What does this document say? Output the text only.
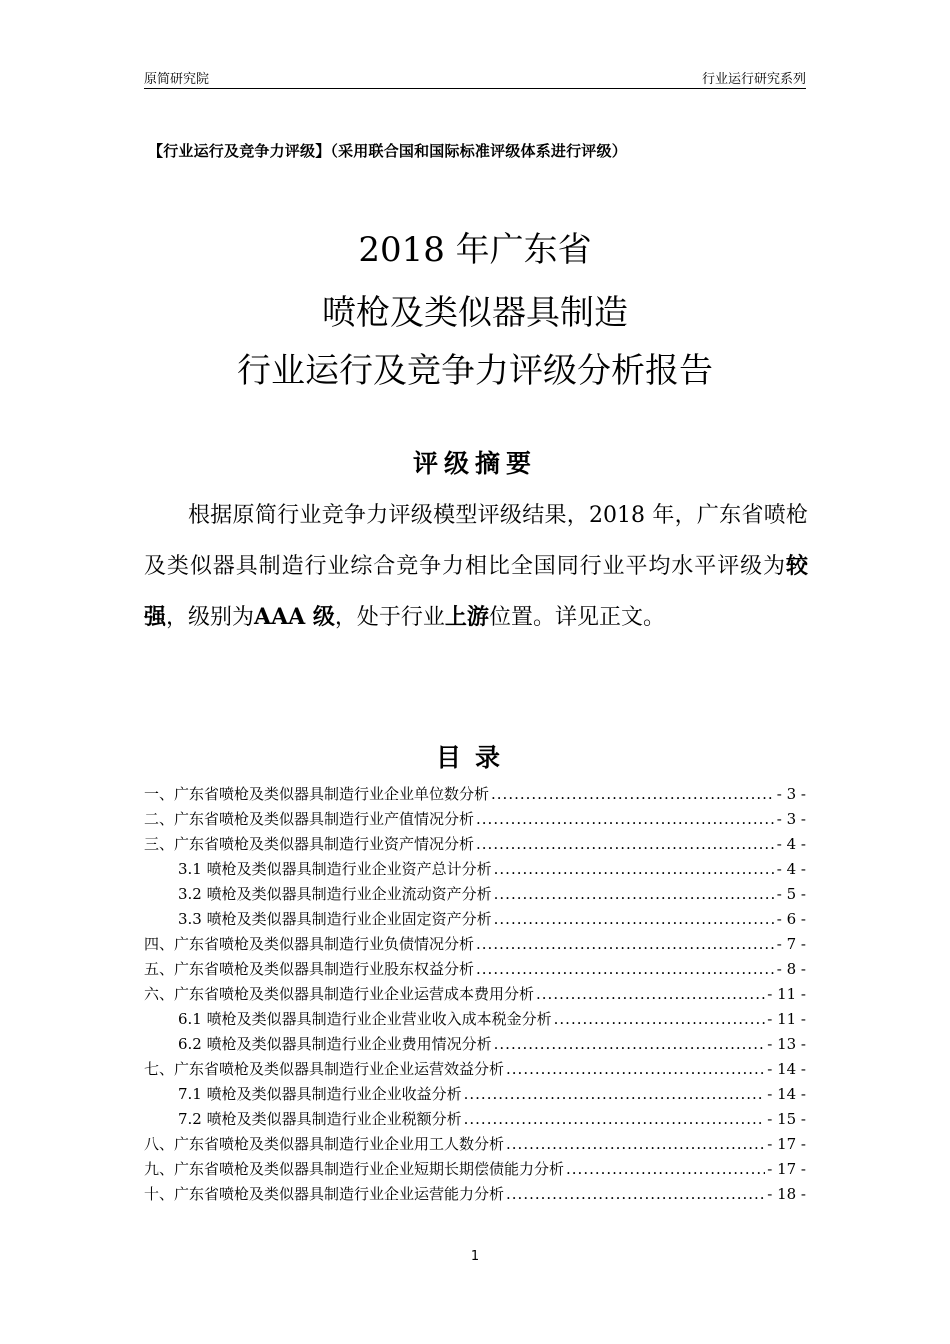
原简研究院	行业运行研究系列
【行业运行及竞争力评级】（采用联合国和国际标准评级体系进行评级）
2018 年广东省
喷枪及类似器具制造
行业运行及竞争力评级分析报告
评级摘要

根据原简行业竞争力评级模型评级结果，2018 年，广东省喷枪及类似器具制造行业综合竞争力相比全国同行业平均水平评级为较强，级别为AAA 级，处于行业上游位置。详见正文。

目录
一、广东省喷枪及类似器具制造行业企业单位数分析 .....	- 3 -
二、广东省喷枪及类似器具制造行业产值情况分析 .....	- 3 -
三、广东省喷枪及类似器具制造行业资产情况分析 .....	- 4 -
3.1 喷枪及类似器具制造行业企业资产总计分析 .....	- 4 -
3.2 喷枪及类似器具制造行业企业流动资产分析 .....	- 5 -
3.3 喷枪及类似器具制造行业企业固定资产分析 .....	- 6 -
四、广东省喷枪及类似器具制造行业负债情况分析 .....	- 7 -
五、广东省喷枪及类似器具制造行业股东权益分析 .....	- 8 -
六、广东省喷枪及类似器具制造行业企业运营成本费用分析 .....	- 11 -
6.1 喷枪及类似器具制造行业企业营业收入成本税金分析 .....	- 11 -
6.2 喷枪及类似器具制造行业企业费用情况分析 .....	- 13 -
七、广东省喷枪及类似器具制造行业企业运营效益分析 .....	- 14 -
7.1 喷枪及类似器具制造行业企业收益分析 .....	- 14 -
7.2 喷枪及类似器具制造行业企业税额分析 .....	- 15 -
八、广东省喷枪及类似器具制造行业企业用工人数分析 .....	- 17 -
九、广东省喷枪及类似器具制造行业企业短期长期偿债能力分析 .....	- 17 -
十、广东省喷枪及类似器具制造行业企业运营能力分析 .....	- 18 -
1
